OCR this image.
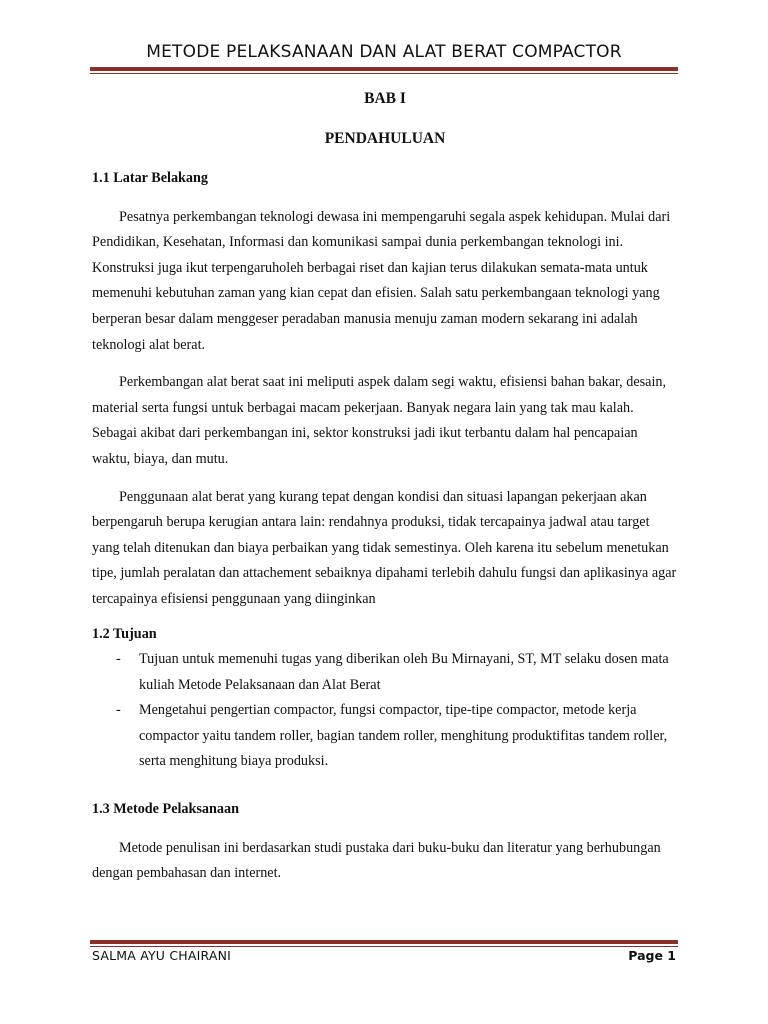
METODE PELAKSANAAN DAN ALAT BERAT COMPACTOR
BAB I
PENDAHULUAN
1.1 Latar Belakang

Pesatnya perkembangan teknologi dewasa ini mempengaruhi segala aspek kehidupan. Mulai dari Pendidikan, Kesehatan, Informasi dan komunikasi sampai dunia perkembangan teknologi ini. Konstruksi juga ikut terpengaruholeh berbagai riset dan kajian terus dilakukan semata-mata untuk memenuhi kebutuhan zaman yang kian cepat dan efisien. Salah satu perkembangaan teknologi yang berperan besar dalam menggeser peradaban manusia menuju zaman modern sekarang ini adalah teknologi alat berat.

Perkembangan alat berat saat ini meliputi aspek dalam segi waktu, efisiensi bahan bakar, desain, material serta fungsi untuk berbagai macam pekerjaan. Banyak negara lain yang tak mau kalah. Sebagai akibat dari perkembangan ini, sektor konstruksi jadi ikut terbantu dalam hal pencapaian waktu, biaya, dan mutu.

Penggunaan alat berat yang kurang tepat dengan kondisi dan situasi lapangan pekerjaan akan berpengaruh berupa kerugian antara lain: rendahnya produksi, tidak tercapainya jadwal atau target yang telah ditenukan dan biaya perbaikan yang tidak semestinya. Oleh karena itu sebelum menetukan tipe, jumlah peralatan dan attachement sebaiknya dipahami terlebih dahulu fungsi dan aplikasinya agar tercapainya efisiensi penggunaan yang diinginkan

1.2 Tujuan
- Tujuan untuk memenuhi tugas yang diberikan oleh Bu Mirnayani, ST, MT selaku dosen mata kuliah Metode Pelaksanaan dan Alat Berat
- Mengetahui pengertian compactor, fungsi compactor, tipe-tipe compactor, metode kerja compactor yaitu tandem roller, bagian tandem roller, menghitung produktifitas tandem roller, serta menghitung biaya produksi.
1.3 Metode Pelaksanaan

Metode penulisan ini berdasarkan studi pustaka dari buku-buku dan literatur yang berhubungan dengan pembahasan dan internet.

SALMA AYU CHAIRANI	Page 1
